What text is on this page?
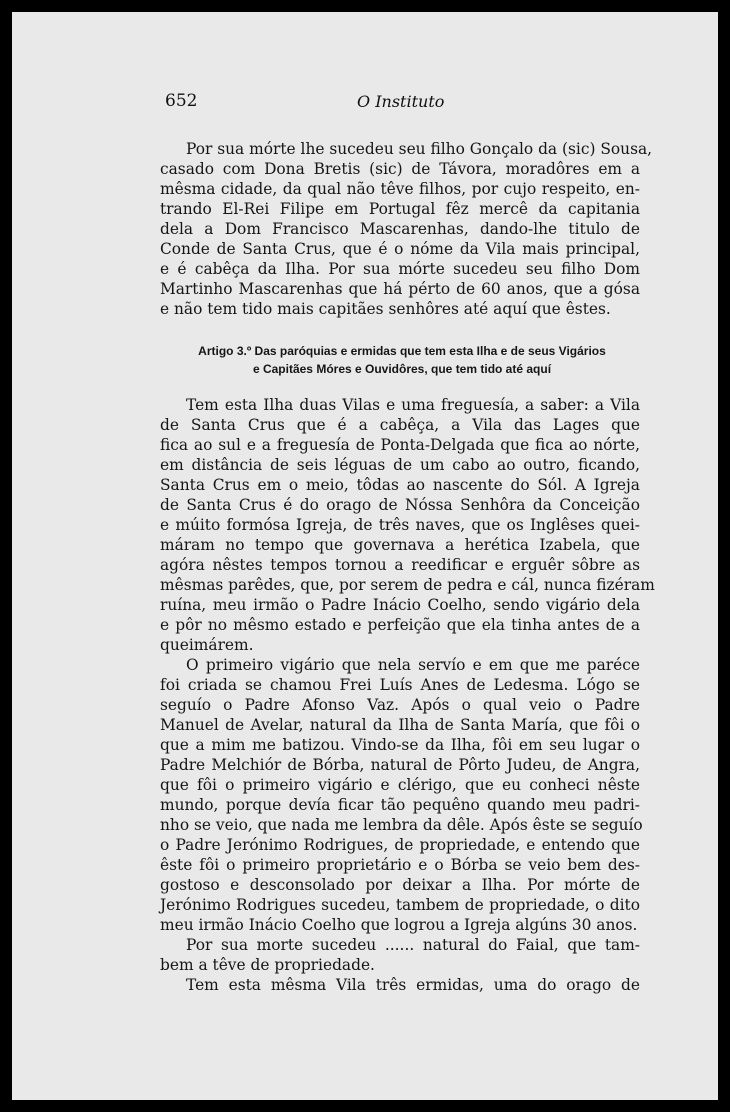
652	O Instituto
Por sua mórte lhe sucedeu seu filho Gonçalo da (sic) Sousa,
casado com Dona Bretis (sic) de Távora, moradôres em a
mêsma cidade, da qual não têve filhos, por cujo respeito, en-
trando El-Rei Filipe em Portugal fêz mercê da capitania
dela a Dom Francisco Mascarenhas, dando-lhe titulo de
Conde de Santa Crus, que é o nóme da Vila mais principal,
e é cabêça da Ilha. Por sua mórte sucedeu seu filho Dom
Martinho Mascarenhas que há pérto de 60 anos, que a gósa
e não tem tido mais capitães senhôres até aquí que êstes.
Artigo 3.º Das paróquias e ermidas que tem esta Ilha e de seus Vigários
e Capitães Móres e Ouvidôres, que tem tido até aquí
Tem esta Ilha duas Vilas e uma freguesía, a saber: a Vila
de Santa Crus que é a cabêça, a Vila das Lages que
fica ao sul e a freguesía de Ponta-Delgada que fica ao nórte,
em distância de seis léguas de um cabo ao outro, ficando,
Santa Crus em o meio, tôdas ao nascente do Sól. A Igreja
de Santa Crus é do orago de Nóssa Senhôra da Conceição
e múito formósa Igreja, de três naves, que os Inglêses quei-
máram no tempo que governava a herética Izabela, que
agóra nêstes tempos tornou a reedificar e erguêr sôbre as
mêsmas parêdes, que, por serem de pedra e cál, nunca fizéram
ruína, meu irmão o Padre Inácio Coelho, sendo vigário dela
e pôr no mêsmo estado e perfeição que ela tinha antes de a
queimárem.
O primeiro vigário que nela servío e em que me paréce
foi criada se chamou Frei Luís Anes de Ledesma. Lógo se
seguío o Padre Afonso Vaz. Após o qual veio o Padre
Manuel de Avelar, natural da Ilha de Santa María, que fôi o
que a mim me batizou. Vindo-se da Ilha, fôi em seu lugar o
Padre Melchiór de Bórba, natural de Pôrto Judeu, de Angra,
que fôi o primeiro vigário e clérigo, que eu conheci nêste
mundo, porque devía ficar tão pequêno quando meu padri-
nho se veio, que nada me lembra da dêle. Após êste se seguío
o Padre Jerónimo Rodrigues, de propriedade, e entendo que
êste fôi o primeiro proprietário e o Bórba se veio bem des-
gostoso e desconsolado por deixar a Ilha. Por mórte de
Jerónimo Rodrigues sucedeu, tambem de propriedade, o dito
meu irmão Inácio Coelho que logrou a Igreja algúns 30 anos.
Por sua morte sucedeu ...... natural do Faial, que tam-
bem a têve de propriedade.
Tem esta mêsma Vila três ermidas, uma do orago de
